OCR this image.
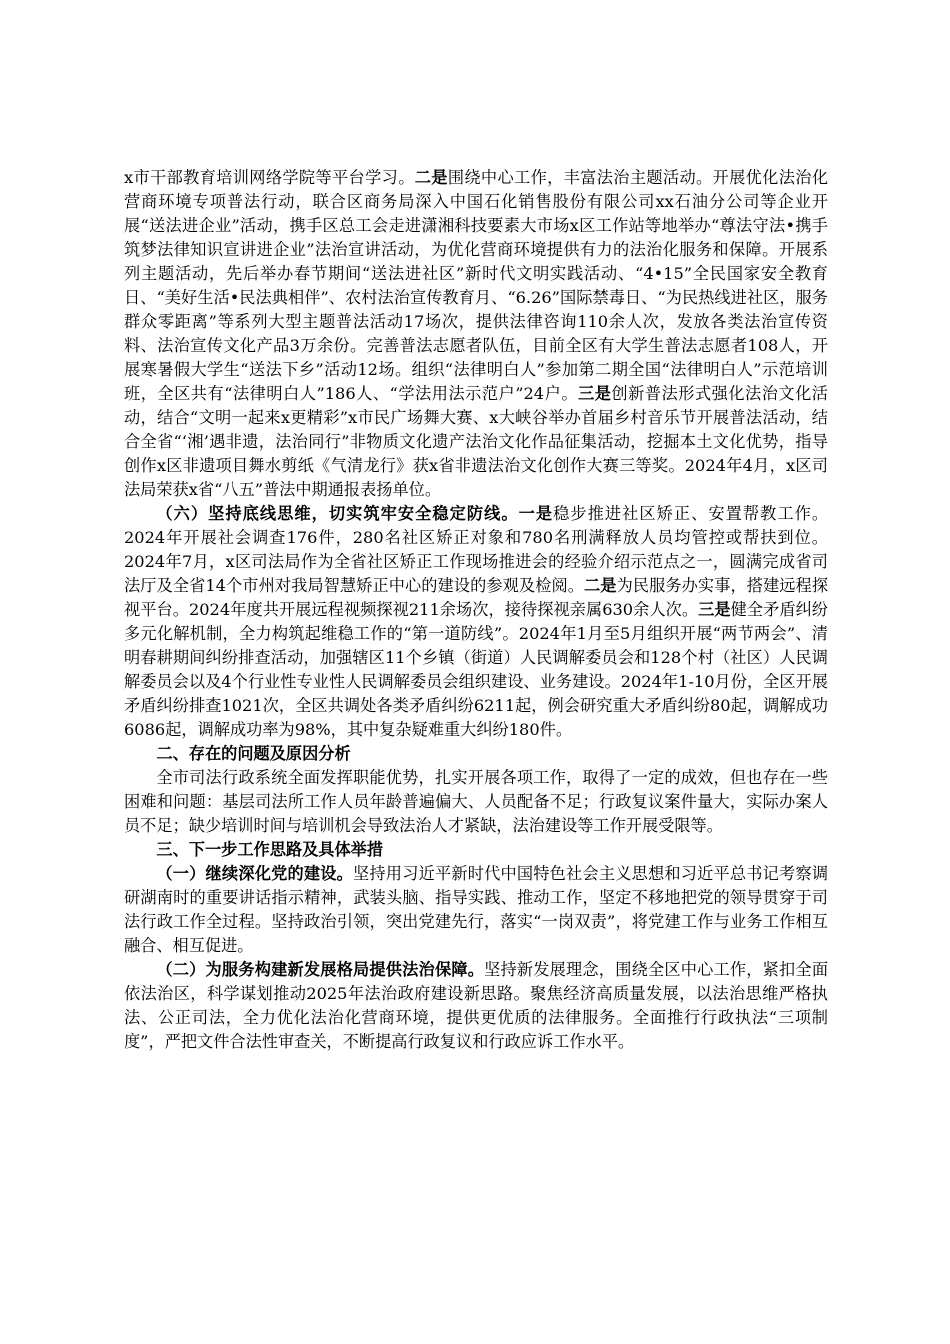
x市干部教育培训网络学院等平台学习。二是围绕中心工作，丰富法治主题活动。开展优化法治化营商环境专项普法行动，联合区商务局深入中国石化销售股份有限公司xx石油分公司等企业开展“送法进企业”活动，携手区总工会走进潇湘科技要素大市场x区工作站等地举办“尊法守法•携手筑梦法律知识宣讲进企业”法治宣讲活动，为优化营商环境提供有力的法治化服务和保障。开展系列主题活动，先后举办春节期间“送法进社区”新时代文明实践活动、“4•15”全民国家安全教育日、“美好生活•民法典相伴”、农村法治宣传教育月、“6.26”国际禁毒日、“为民热线进社区，服务群众零距离”等系列大型主题普法活动17场次，提供法律咨询110余人次，发放各类法治宣传资料、法治宣传文化产品3万余份。完善普法志愿者队伍，目前全区有大学生普法志愿者108人，开展寒暑假大学生“送法下乡”活动12场。组织“法律明白人”参加第二期全国“法律明白人”示范培训班，全区共有“法律明白人”186人、“学法用法示范户”24户。三是创新普法形式强化法治文化活动，结合“文明一起来x更精彩”x市民广场舞大赛、x大峡谷举办首届乡村音乐节开展普法活动，结合全省“‘湘’遇非遗，法治同行”非物质文化遗产法治文化作品征集活动，挖掘本土文化优势，指导创作x区非遗项目舞水剪纸《气清龙行》获x省非遗法治文化创作大赛三等奖。2024年4月，x区司法局荣获x省“八五”普法中期通报表扬单位。

（六）坚持底线思维，切实筑牢安全稳定防线。一是稳步推进社区矫正、安置帮教工作。2024年开展社会调查176件，280名社区矫正对象和780名刑满释放人员均管控或帮扶到位。2024年7月，x区司法局作为全省社区矫正工作现场推进会的经验介绍示范点之一，圆满完成省司法厅及全省14个市州对我局智慧矫正中心的建设的参观及检阅。二是为民服务办实事，搭建远程探视平台。2024年度共开展远程视频探视211余场次，接待探视亲属630余人次。三是健全矛盾纠纷多元化解机制，全力构筑起维稳工作的“第一道防线”。2024年1月至5月组织开展“两节两会”、清明春耕期间纠纷排查活动，加强辖区11个乡镇（街道）人民调解委员会和128个村（社区）人民调解委员会以及4个行业性专业性人民调解委员会组织建设、业务建设。2024年1-10月份，全区开展矛盾纠纷排查1021次，全区共调处各类矛盾纠纷6211起，例会研究重大矛盾纠纷80起，调解成功6086起，调解成功率为98%，其中复杂疑难重大纠纷180件。

二、存在的问题及原因分析

全市司法行政系统全面发挥职能优势，扎实开展各项工作，取得了一定的成效，但也存在一些困难和问题：基层司法所工作人员年龄普遍偏大、人员配备不足；行政复议案件量大，实际办案人员不足；缺少培训时间与培训机会导致法治人才紧缺，法治建设等工作开展受限等。

三、下一步工作思路及具体举措

（一）继续深化党的建设。坚持用习近平新时代中国特色社会主义思想和习近平总书记考察调研湖南时的重要讲话指示精神，武装头脑、指导实践、推动工作，坚定不移地把党的领导贯穿于司法行政工作全过程。坚持政治引领，突出党建先行，落实“一岗双责”，将党建工作与业务工作相互融合、相互促进。

（二）为服务构建新发展格局提供法治保障。坚持新发展理念，围绕全区中心工作，紧扣全面依法治区，科学谋划推动2025年法治政府建设新思路。聚焦经济高质量发展，以法治思维严格执法、公正司法，全力优化法治化营商环境，提供更优质的法律服务。全面推行行政执法“三项制度”，严把文件合法性审查关，不断提高行政复议和行政应诉工作水平。
